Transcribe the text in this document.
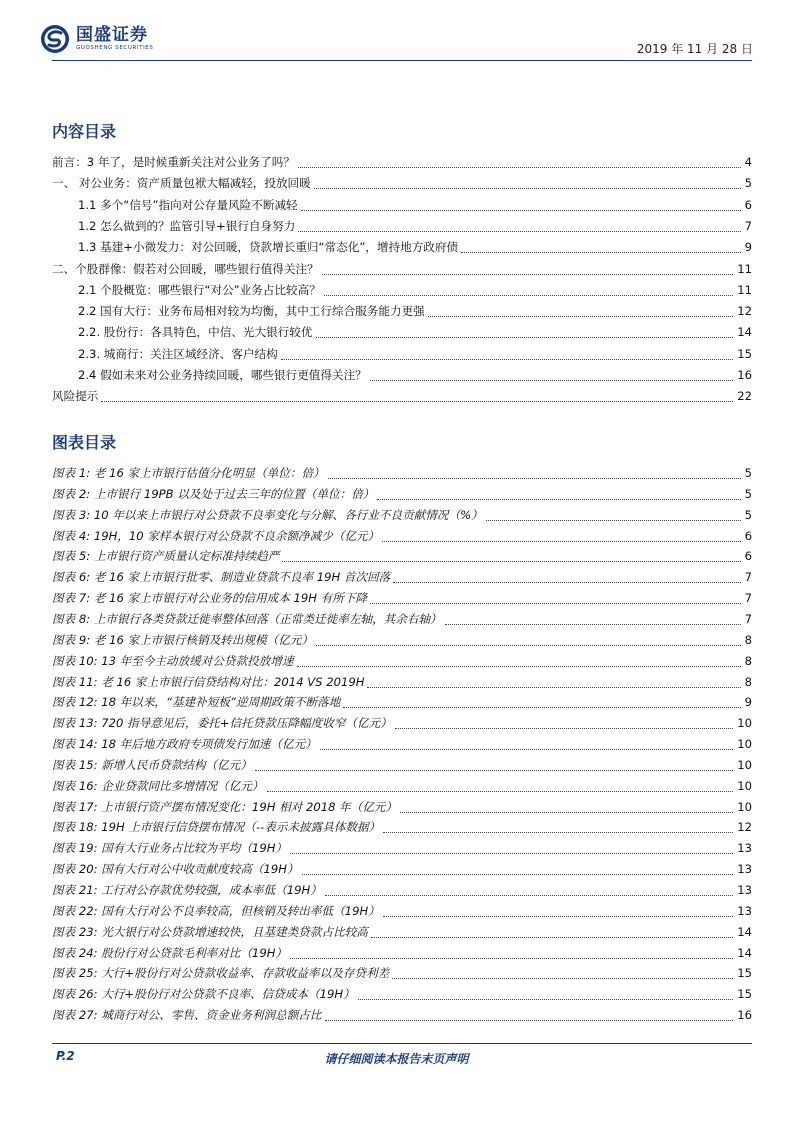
国盛证券
GUOSHENG SECURITIES	2019 年 11 月 28 日
内容目录
前言：3 年了，是时候重新关注对公业务了吗？	4
一、 对公业务：资产质量包袱大幅减轻，投放回暖	5
1.1 多个“信号”指向对公存量风险不断减轻	6
1.2 怎么做到的？监管引导+银行自身努力	7
1.3 基建+小微发力：对公回暖，贷款增长重归“常态化”，增持地方政府债	9
二、个股群像：假若对公回暖，哪些银行值得关注？	11
2.1 个股概览：哪些银行“对公”业务占比较高？	11
2.2 国有大行：业务布局相对较为均衡，其中工行综合服务能力更强	12
2.2. 股份行：各具特色，中信、光大银行较优	14
2.3. 城商行：关注区域经济、客户结构	15
2.4 假如未来对公业务持续回暖，哪些银行更值得关注？	16
风险提示	22
图表目录
图表 1: 老 16 家上市银行估值分化明显（单位：倍）	5
图表 2: 上市银行 19PB 以及处于过去三年的位置（单位：倍）	5
图表 3: 10 年以来上市银行对公贷款不良率变化与分解、各行业不良贡献情况（%）	5
图表 4: 19H，10 家样本银行对公贷款不良余额净减少（亿元）	6
图表 5: 上市银行资产质量认定标准持续趋严	6
图表 6: 老 16 家上市银行批零、制造业贷款不良率 19H 首次回落	7
图表 7: 老 16 家上市银行对公业务的信用成本 19H 有所下降	7
图表 8: 上市银行各类贷款迁徙率整体回落（正常类迁徙率左轴，其余右轴）	7
图表 9: 老 16 家上市银行核销及转出规模（亿元）	8
图表 10: 13 年至今主动放缓对公贷款投放增速	8
图表 11: 老 16 家上市银行信贷结构对比：2014 VS 2019H	8
图表 12: 18 年以来，“基建补短板”逆周期政策不断落地	9
图表 13: 720 指导意见后，委托+信托贷款压降幅度收窄（亿元）	10
图表 14: 18 年后地方政府专项债发行加速（亿元）	10
图表 15: 新增人民币贷款结构（亿元）	10
图表 16: 企业贷款同比多增情况（亿元）	10
图表 17: 上市银行资产摆布情况变化：19H 相对 2018 年（亿元）	10
图表 18: 19H 上市银行信贷摆布情况（--表示未披露具体数据）	12
图表 19: 国有大行业务占比较为平均（19H）	13
图表 20: 国有大行对公中收贡献度较高（19H）	13
图表 21: 工行对公存款优势较强，成本率低（19H）	13
图表 22: 国有大行对公不良率较高，但核销及转出率低（19H）	13
图表 23: 光大银行对公贷款增速较快，且基建类贷款占比较高	14
图表 24: 股份行对公贷款毛利率对比（19H）	14
图表 25: 大行+股份行对公贷款收益率、存款收益率以及存贷利差	15
图表 26: 大行+股份行对公贷款不良率、信贷成本（19H）	15
图表 27: 城商行对公、零售、资金业务利润总额占比	16
P.2	请仔细阅读本报告末页声明
